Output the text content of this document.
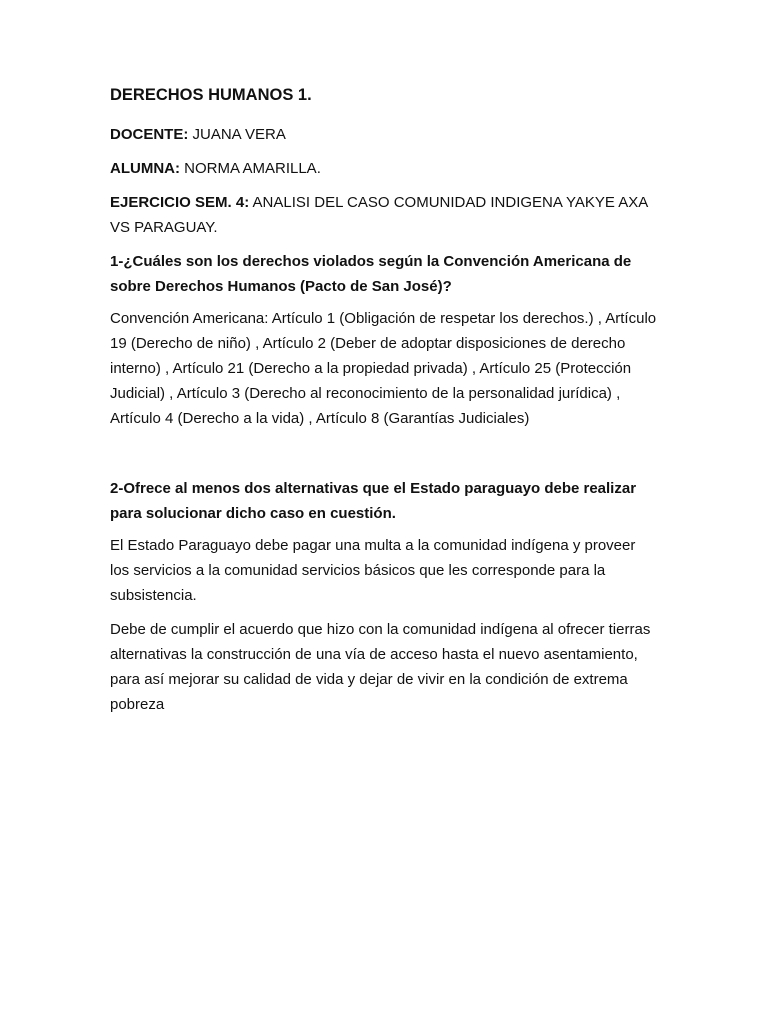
DERECHOS HUMANOS 1.
DOCENTE: JUANA VERA
ALUMNA: NORMA AMARILLA.
EJERCICIO SEM. 4: ANALISI DEL CASO COMUNIDAD INDIGENA YAKYE AXA VS PARAGUAY.
1-¿Cuáles son los derechos violados según la Convención Americana de sobre Derechos Humanos (Pacto de San José)?
Convención Americana: Artículo 1 (Obligación de respetar los derechos.) , Artículo 19 (Derecho de niño) , Artículo 2 (Deber de adoptar disposiciones de derecho interno) , Artículo 21 (Derecho a la propiedad privada) , Artículo 25 (Protección Judicial) , Artículo 3 (Derecho al reconocimiento de la personalidad jurídica) , Artículo 4 (Derecho a la vida) , Artículo 8 (Garantías Judiciales)
2-Ofrece al menos dos alternativas que el Estado paraguayo debe realizar para solucionar dicho caso en cuestión.
El Estado Paraguayo debe pagar una multa a la comunidad indígena y proveer los servicios a la comunidad servicios básicos que les corresponde para la subsistencia.
Debe de cumplir el acuerdo que hizo con la comunidad indígena al ofrecer tierras alternativas la construcción de una vía de acceso hasta el nuevo asentamiento, para así mejorar su calidad de vida y dejar de vivir en la condición de extrema pobreza
